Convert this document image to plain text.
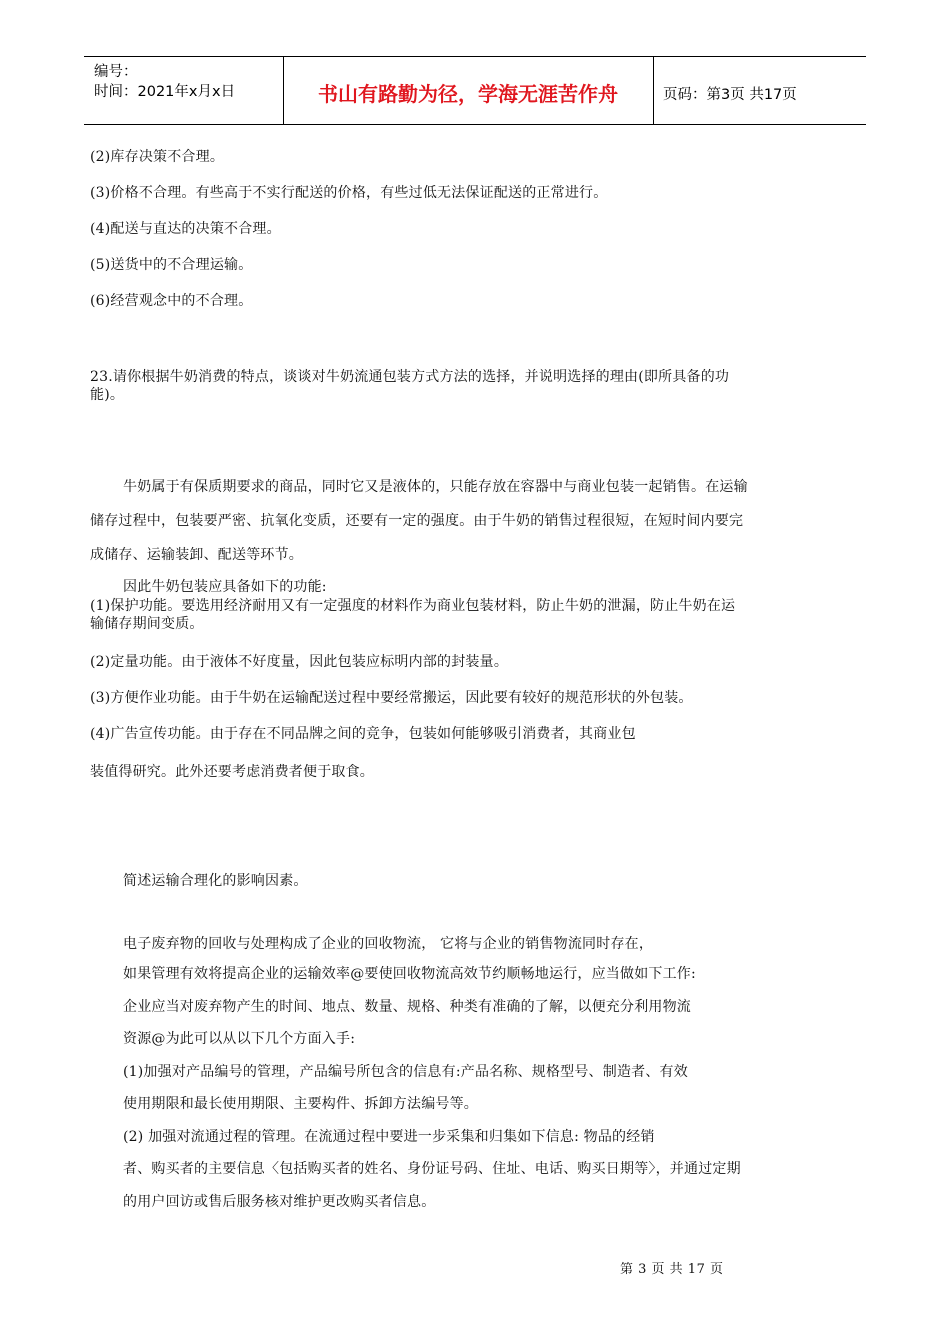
编号：
时间：2021年x月x日	书山有路勤为径，学海无涯苦作舟	页码：第3页 共17页
(2)库存决策不合理。
(3)价格不合理。有些高于不实行配送的价格，有些过低无法保证配送的正常进行。
(4)配送与直达的决策不合理。
(5)送货中的不合理运输。
(6)经营观念中的不合理。
23.请你根据牛奶消费的特点，谈谈对牛奶流通包装方式方法的选择，并说明选择的理由(即所具备的功
能)。
牛奶属于有保质期要求的商品，同时它又是液体的，只能存放在容器中与商业包装一起销售。在运输
储存过程中，包装要严密、抗氧化变质，还要有一定的强度。由于牛奶的销售过程很短，在短时间内要完
成储存、运输装卸、配送等环节。
因此牛奶包装应具备如下的功能:
(1)保护功能。要选用经济耐用又有一定强度的材料作为商业包装材料，防止牛奶的泄漏，防止牛奶在运
输储存期间变质。
(2)定量功能。由于液体不好度量，因此包装应标明内部的封装量。
(3)方便作业功能。由于牛奶在运输配送过程中要经常搬运，因此要有较好的规范形状的外包装。
(4)广告宣传功能。由于存在不同品牌之间的竞争，包装如何能够吸引消费者，其商业包
装值得研究。此外还要考虑消费者便于取食。
简述运输合理化的影响因素。
电子废弃物的回收与处理构成了企业的回收物流， 它将与企业的销售物流同时存在，
如果管理有效将提高企业的运输效率@要使回收物流高效节约顺畅地运行，应当做如下工作:
企业应当对废弃物产生的时间、地点、数量、规格、种类有准确的了解，以便充分利用物流
资源@为此可以从以下几个方面入手:
(1)加强对产品编号的管理，产品编号所包含的信息有:产品名称、规格型号、制造者、有效
使用期限和最长使用期限、主要构件、拆卸方法编号等。
(2) 加强对流通过程的管理。在流通过程中要进一步采集和归集如下信息: 物品的经销
者、购买者的主要信息〈包括购买者的姓名、身份证号码、住址、电话、购买日期等〉，并通过定期
的用户回访或售后服务核对维护更改购买者信息。
第 3 页 共 17 页
